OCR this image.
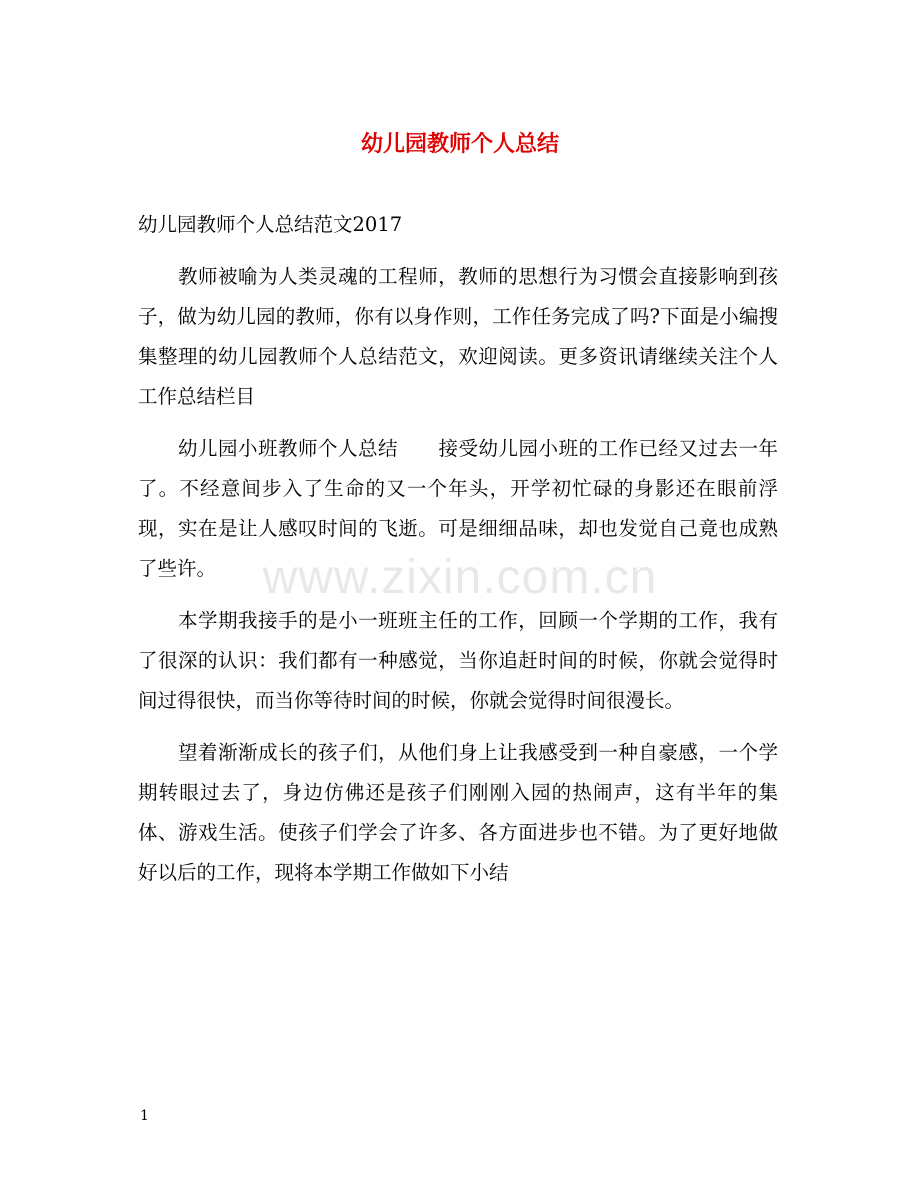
幼儿园教师个人总结

幼儿园教师个人总结范文2017

教师被喻为人类灵魂的工程师，教师的思想行为习惯会直接影响到孩子，做为幼儿园的教师，你有以身作则，工作任务完成了吗?下面是小编搜集整理的幼儿园教师个人总结范文，欢迎阅读。更多资讯请继续关注个人工作总结栏目

幼儿园小班教师个人总结 接受幼儿园小班的工作已经又过去一年了。不经意间步入了生命的又一个年头，开学初忙碌的身影还在眼前浮现，实在是让人感叹时间的飞逝。可是细细品味，却也发觉自己竟也成熟了些许。

本学期我接手的是小一班班主任的工作，回顾一个学期的工作，我有了很深的认识：我们都有一种感觉，当你追赶时间的时候，你就会觉得时间过得很快，而当你等待时间的时候，你就会觉得时间很漫长。

望着渐渐成长的孩子们，从他们身上让我感受到一种自豪感，一个学期转眼过去了，身边仿佛还是孩子们刚刚入园的热闹声，这有半年的集体、游戏生活。使孩子们学会了许多、各方面进步也不错。为了更好地做好以后的工作，现将本学期工作做如下小结

www.zixin.com.cn
1
